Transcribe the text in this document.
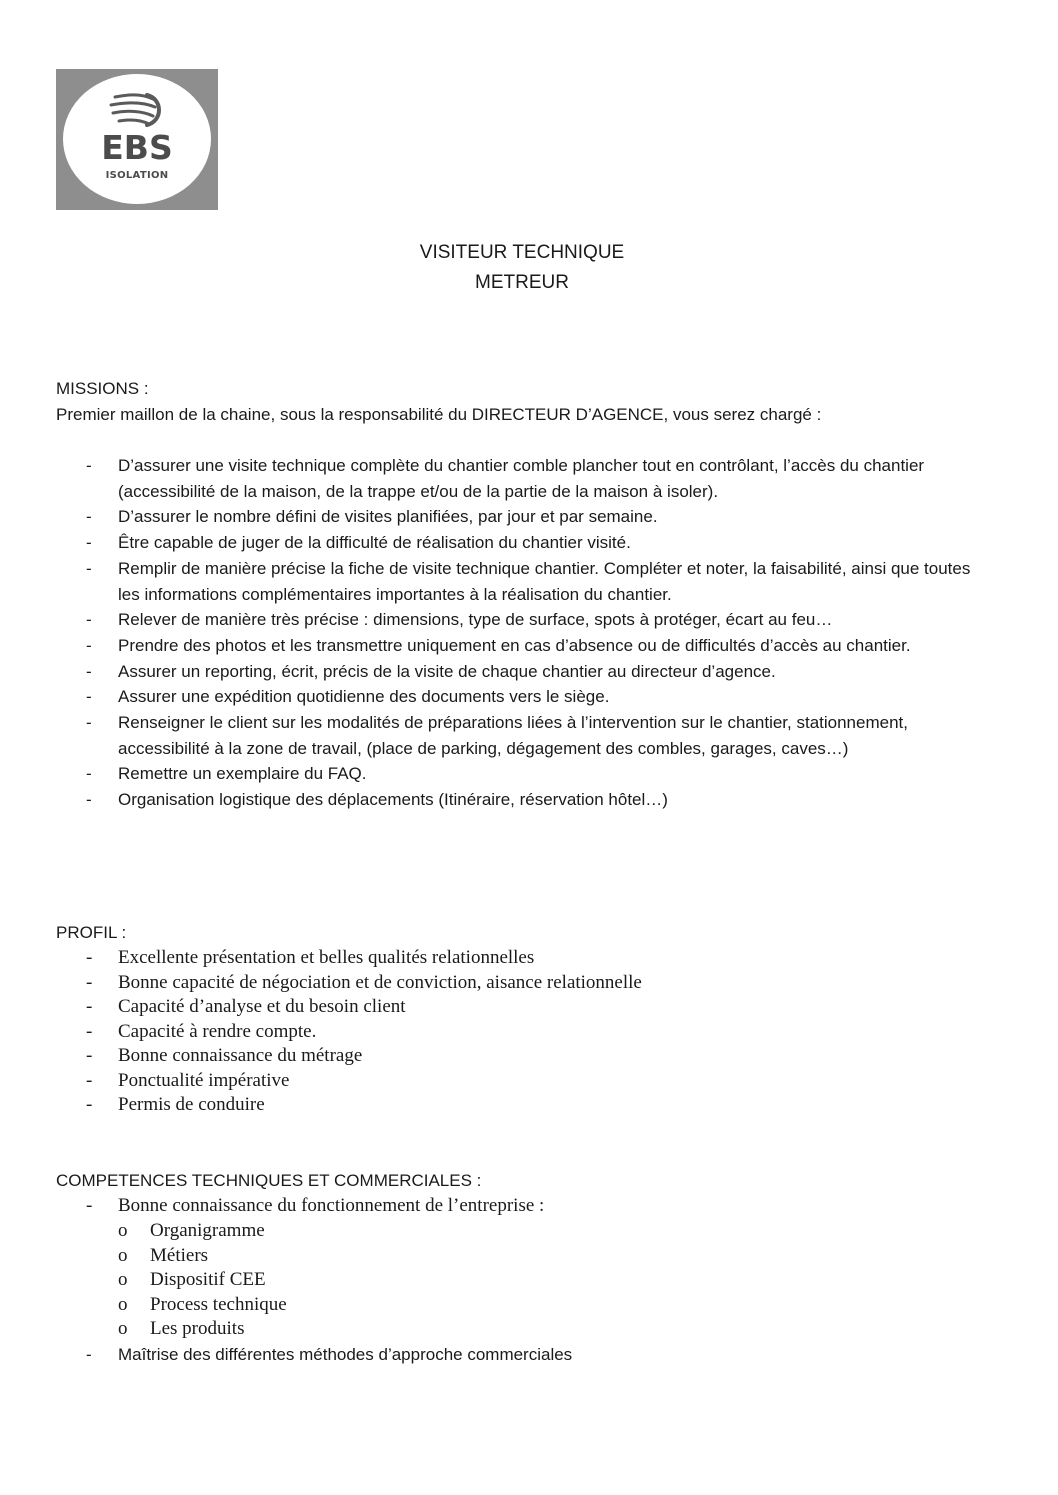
EBS
ISOLATION
VISITEUR TECHNIQUE
METREUR
MISSIONS :
Premier maillon de la chaine, sous la responsabilité du DIRECTEUR D’AGENCE, vous serez chargé :
- D’assurer une visite technique complète du chantier comble plancher tout en contrôlant, l’accès du chantier (accessibilité de la maison, de la trappe et/ou de la partie de la maison à isoler).
- D’assurer le nombre défini de visites planifiées, par jour et par semaine.
- Être capable de juger de la difficulté de réalisation du chantier visité.
- Remplir de manière précise la fiche de visite technique chantier. Compléter et noter, la faisabilité, ainsi que toutes les informations complémentaires importantes à la réalisation du chantier.
- Relever de manière très précise : dimensions, type de surface, spots à protéger, écart au feu…
- Prendre des photos et les transmettre uniquement en cas d’absence ou de difficultés d’accès au chantier.
- Assurer un reporting, écrit, précis de la visite de chaque chantier au directeur d’agence.
- Assurer une expédition quotidienne des documents vers le siège.
- Renseigner le client sur les modalités de préparations liées à l’intervention sur le chantier, stationnement, accessibilité à la zone de travail, (place de parking, dégagement des combles, garages, caves…)
- Remettre un exemplaire du FAQ.
- Organisation logistique des déplacements (Itinéraire, réservation hôtel…)
PROFIL :
- Excellente présentation et belles qualités relationnelles
- Bonne capacité de négociation et de conviction, aisance relationnelle
- Capacité d’analyse et du besoin client
- Capacité à rendre compte.
- Bonne connaissance du métrage
- Ponctualité impérative
- Permis de conduire
COMPETENCES TECHNIQUES ET COMMERCIALES :
- Bonne connaissance du fonctionnement de l’entreprise :
o Organigramme
o Métiers
o Dispositif CEE
o Process technique
o Les produits
- Maîtrise des différentes méthodes d’approche commerciales
